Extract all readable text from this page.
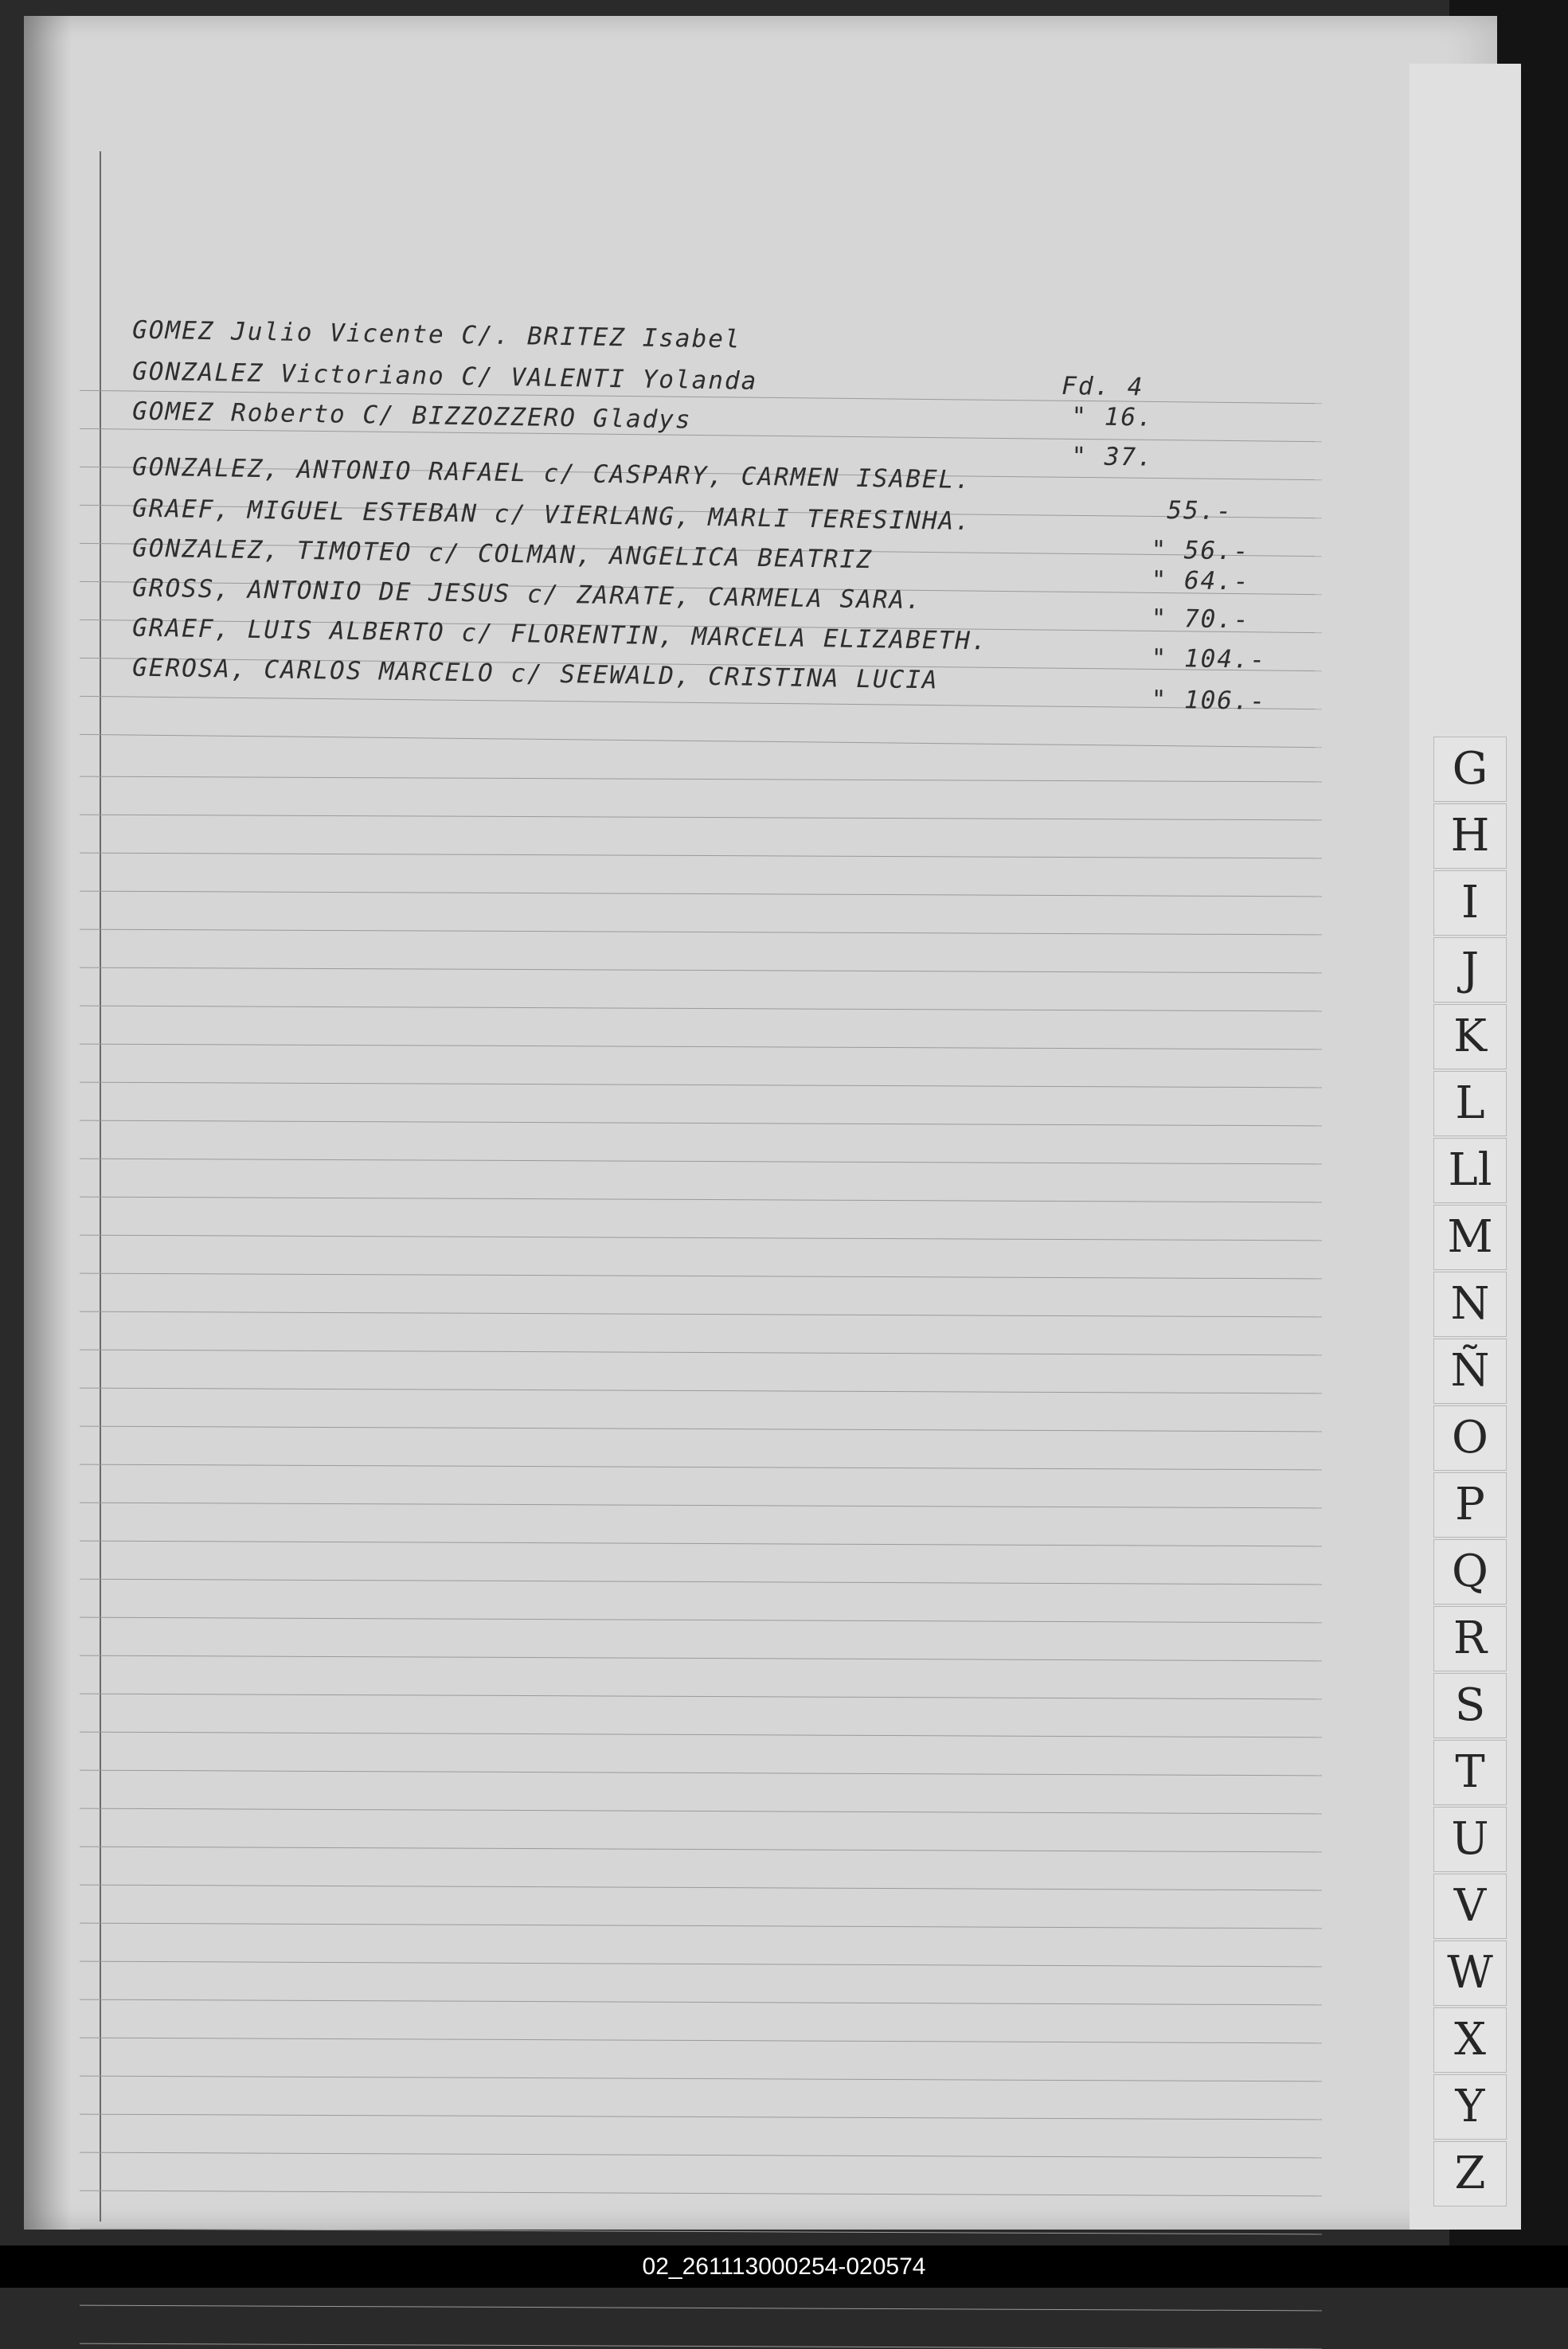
GOMEZ Julio Vicente C/. BRITEZ Isabel
Fd. 4
GONZALEZ Victoriano C/ VALENTI Yolanda
" 16.
GOMEZ Roberto C/ BIZZOZZERO Gladys
" 37.
GONZALEZ, ANTONIO RAFAEL c/ CASPARY, CARMEN ISABEL.
55.-
GRAEF, MIGUEL ESTEBAN c/ VIERLANG, MARLI TERESINHA.
" 56.-
GONZALEZ, TIMOTEO c/ COLMAN, ANGELICA BEATRIZ
" 64.-
GROSS, ANTONIO DE JESUS c/ ZARATE, CARMELA SARA.
" 70.-
GRAEF, LUIS ALBERTO c/ FLORENTIN, MARCELA ELIZABETH.
" 104.-
GEROSA, CARLOS MARCELO c/ SEEWALD, CRISTINA LUCIA
" 106.-
G
H
I
J
K
L
Ll
M
N
Ñ
O
P
Q
R
S
T
U
V
W
X
Y
Z
02_261113000254-020574
